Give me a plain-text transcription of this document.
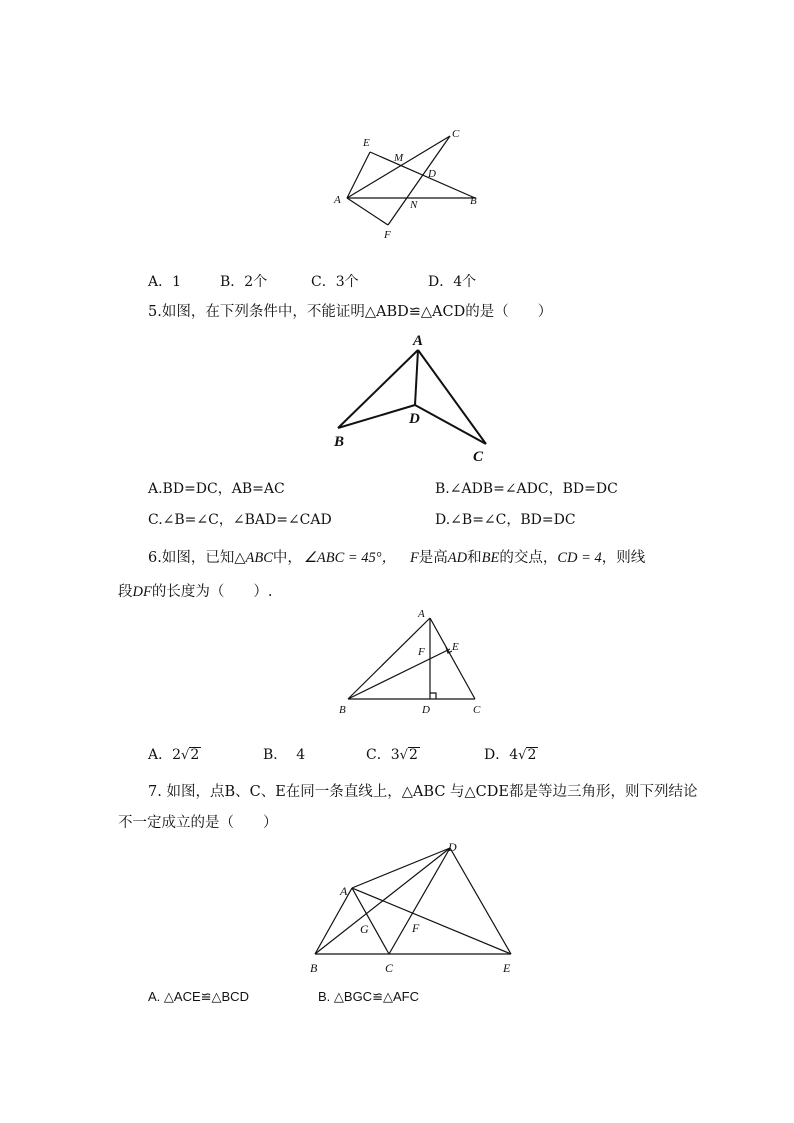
E
C
M
D
A	N	B
F
A．1	B．2个	C．3个	D．4个
5.如图，在下列条件中，不能证明△ABD≌△ACD的是（　　）
A
B
C
D
A.BD=DC，AB=AC	B.∠ADB=∠ADC，BD=DC
C.∠B=∠C，∠BAD=∠CAD	D.∠B=∠C，BD=DC
6.如图，已知△ABC中， ∠ABC = 45°， F是高AD和BE的交点，CD = 4，则线
段DF的长度为（　　）.
A
E
F
B	D	C
A．2√2	B． 4	C．3√2	D．4√2
7. 如图，点B、C、E在同一条直线上，△ABC 与△CDE都是等边三角形，则下列结论
不一定成立的是（　　）
D
A
G	F
B	C	E
A. △ACE≌△BCD	B. △BGC≌△AFC
